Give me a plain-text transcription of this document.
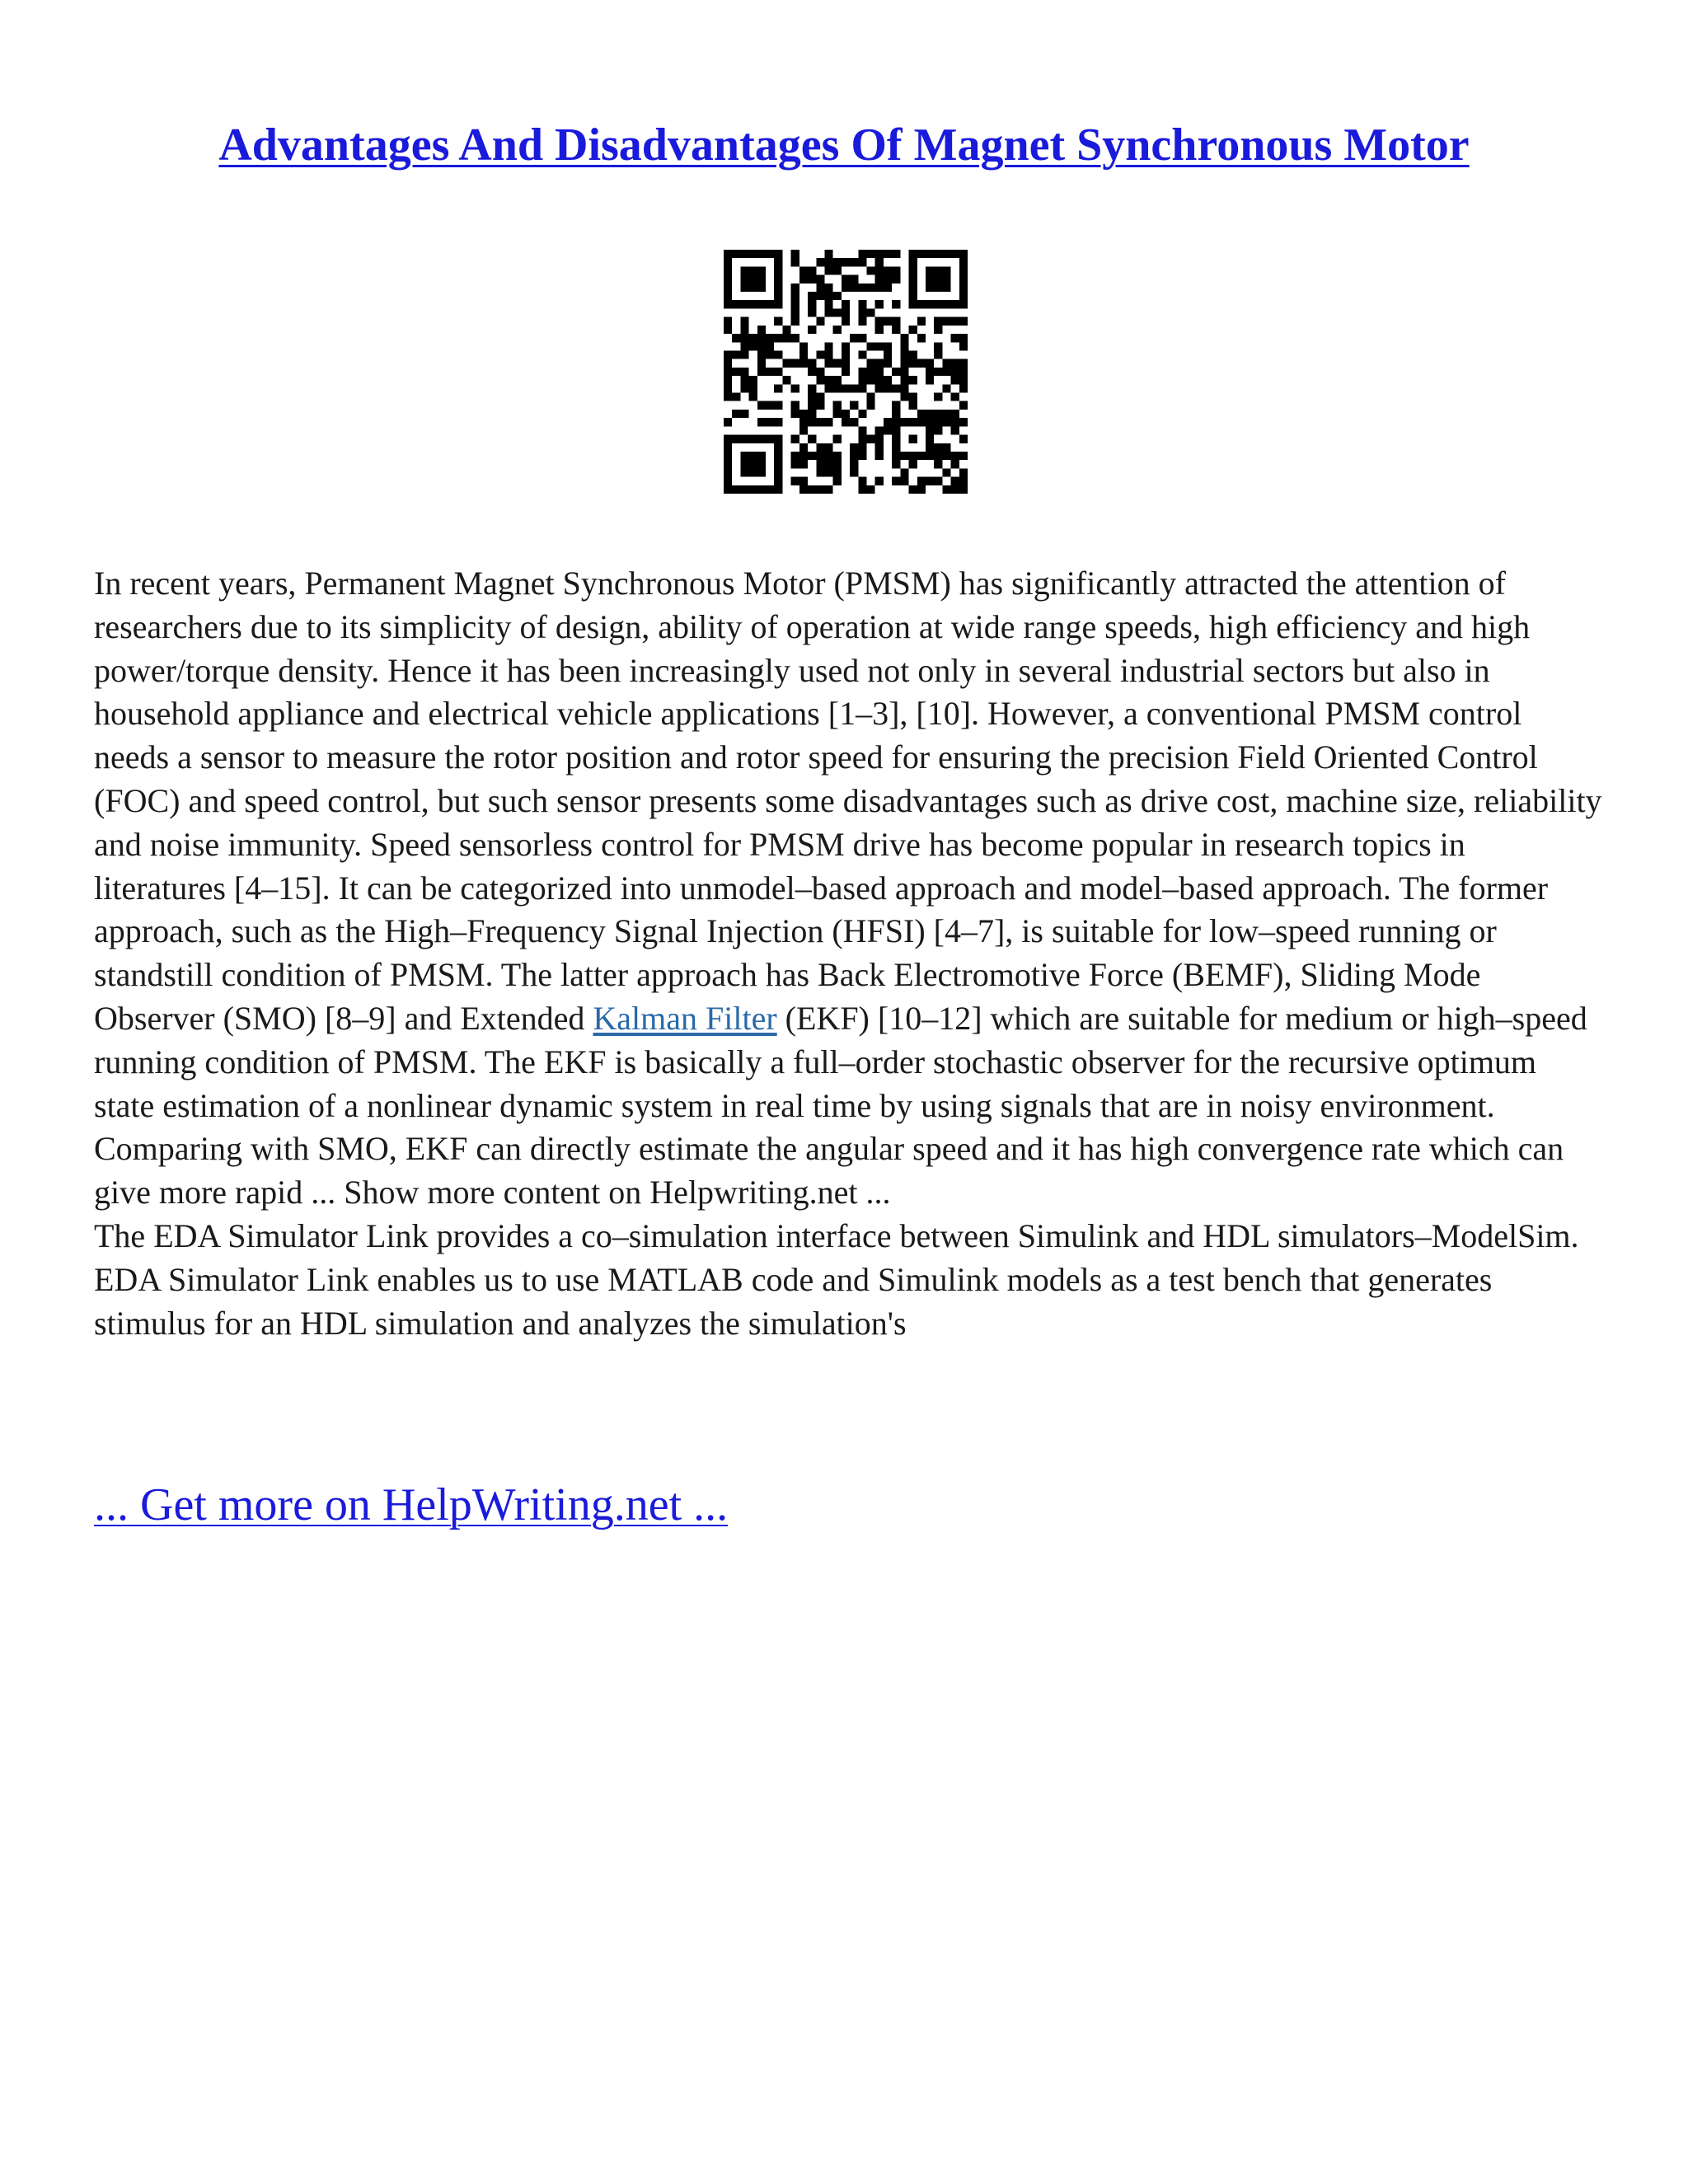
Advantages And Disadvantages Of Magnet Synchronous Motor

In recent years, Permanent Magnet Synchronous Motor (PMSM) has significantly attracted the attention of researchers due to its simplicity of design, ability of operation at wide range speeds, high efficiency and high power/torque density. Hence it has been increasingly used not only in several industrial sectors but also in household appliance and electrical vehicle applications [1–3], [10]. However, a conventional PMSM control needs a sensor to measure the rotor position and rotor speed for ensuring the precision Field Oriented Control (FOC) and speed control, but such sensor presents some disadvantages such as drive cost, machine size, reliability and noise immunity. Speed sensorless control for PMSM drive has become popular in research topics in literatures [4–15]. It can be categorized into unmodel–based approach and model–based approach. The former approach, such as the High–Frequency Signal Injection (HFSI) [4–7], is suitable for low–speed running or standstill condition of PMSM. The latter approach has Back Electromotive Force (BEMF), Sliding Mode Observer (SMO) [8–9] and Extended Kalman Filter (EKF) [10–12] which are suitable for medium or high–speed running condition of PMSM. The EKF is basically a full–order stochastic observer for the recursive optimum state estimation of a nonlinear dynamic system in real time by using signals that are in noisy environment. Comparing with SMO, EKF can directly estimate the angular speed and it has high convergence rate which can give more rapid ... Show more content on Helpwriting.net ...

The EDA Simulator Link provides a co–simulation interface between Simulink and HDL simulators–ModelSim. EDA Simulator Link enables us to use MATLAB code and Simulink models as a test bench that generates stimulus for an HDL simulation and analyzes the simulation's

... Get more on HelpWriting.net ...
